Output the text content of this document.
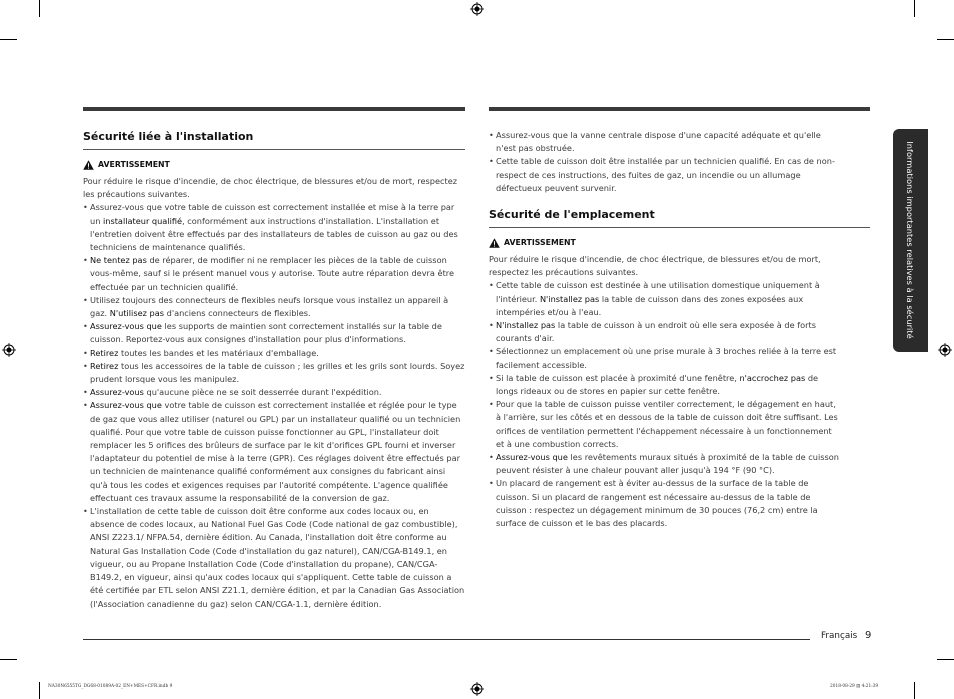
Sécurité liée à l'installation
AVERTISSEMENT

Pour réduire le risque d'incendie, de choc électrique, de blessures et/ou de mort, respectez les précautions suivantes.

• Assurez-vous que votre table de cuisson est correctement installée et mise à la terre par un installateur qualifié, conformément aux instructions d'installation. L'installation et l'entretien doivent être effectués par des installateurs de tables de cuisson au gaz ou des techniciens de maintenance qualifiés.
• Ne tentez pas de réparer, de modifier ni ne remplacer les pièces de la table de cuisson vous-même, sauf si le présent manuel vous y autorise. Toute autre réparation devra être effectuée par un technicien qualifié.
• Utilisez toujours des connecteurs de flexibles neufs lorsque vous installez un appareil à gaz. N'utilisez pas d'anciens connecteurs de flexibles.
• Assurez-vous que les supports de maintien sont correctement installés sur la table de cuisson. Reportez-vous aux consignes d'installation pour plus d'informations.
• Retirez toutes les bandes et les matériaux d'emballage.
• Retirez tous les accessoires de la table de cuisson ; les grilles et les grils sont lourds. Soyez prudent lorsque vous les manipulez.
• Assurez-vous qu'aucune pièce ne se soit desserrée durant l'expédition.
• Assurez-vous que votre table de cuisson est correctement installée et réglée pour le type de gaz que vous allez utiliser (naturel ou GPL) par un installateur qualifié ou un technicien qualifié. Pour que votre table de cuisson puisse fonctionner au GPL, l'installateur doit remplacer les 5 orifices des brûleurs de surface par le kit d'orifices GPL fourni et inverser l'adaptateur du potentiel de mise à la terre (GPR). Ces réglages doivent être effectués par un technicien de maintenance qualifié conformément aux consignes du fabricant ainsi qu'à tous les codes et exigences requises par l'autorité compétente. L'agence qualifiée effectuant ces travaux assume la responsabilité de la conversion de gaz.
• L'installation de cette table de cuisson doit être conforme aux codes locaux ou, en absence de codes locaux, au National Fuel Gas Code (Code national de gaz combustible), ANSI Z223.1/ NFPA.54, dernière édition. Au Canada, l'installation doit être conforme au Natural Gas Installation Code (Code d'installation du gaz naturel), CAN/CGA-B149.1, en vigueur, ou au Propane Installation Code (Code d'installation du propane), CAN/CGA-B149.2, en vigueur, ainsi qu'aux codes locaux qui s'appliquent. Cette table de cuisson a été certifiée par ETL selon ANSI Z21.1, dernière édition, et par la Canadian Gas Association (l'Association canadienne du gaz) selon CAN/CGA-1.1, dernière édition.
• Assurez-vous que la vanne centrale dispose d'une capacité adéquate et qu'elle n'est pas obstruée.
• Cette table de cuisson doit être installée par un technicien qualifié. En cas de non-respect de ces instructions, des fuites de gaz, un incendie ou un allumage défectueux peuvent survenir.
Sécurité de l'emplacement
AVERTISSEMENT

Pour réduire le risque d'incendie, de choc électrique, de blessures et/ou de mort, respectez les précautions suivantes.

• Cette table de cuisson est destinée à une utilisation domestique uniquement à l'intérieur. N'installez pas la table de cuisson dans des zones exposées aux intempéries et/ou à l'eau.
• N'installez pas la table de cuisson à un endroit où elle sera exposée à de forts courants d'air.
• Sélectionnez un emplacement où une prise murale à 3 broches reliée à la terre est facilement accessible.
• Si la table de cuisson est placée à proximité d'une fenêtre, n'accrochez pas de longs rideaux ou de stores en papier sur cette fenêtre.
• Pour que la table de cuisson puisse ventiler correctement, le dégagement en haut, à l'arrière, sur les côtés et en dessous de la table de cuisson doit être suffisant. Les orifices de ventilation permettent l'échappement nécessaire à un fonctionnement et à une combustion corrects.
• Assurez-vous que les revêtements muraux situés à proximité de la table de cuisson peuvent résister à une chaleur pouvant aller jusqu'à 194 °F (90 °C).
• Un placard de rangement est à éviter au-dessus de la surface de la table de cuisson. Si un placard de rangement est nécessaire au-dessus de la table de cuisson : respectez un dégagement minimum de 30 pouces (76,2 cm) entre la surface de cuisson et le bas des placards.
Informations importantes relatives à la sécurité
Français 9
NA30N6555TG_DG68-01089A-02_EN+MES+CFR.indb 9	2018-08-29 ▤ 4:21:39
